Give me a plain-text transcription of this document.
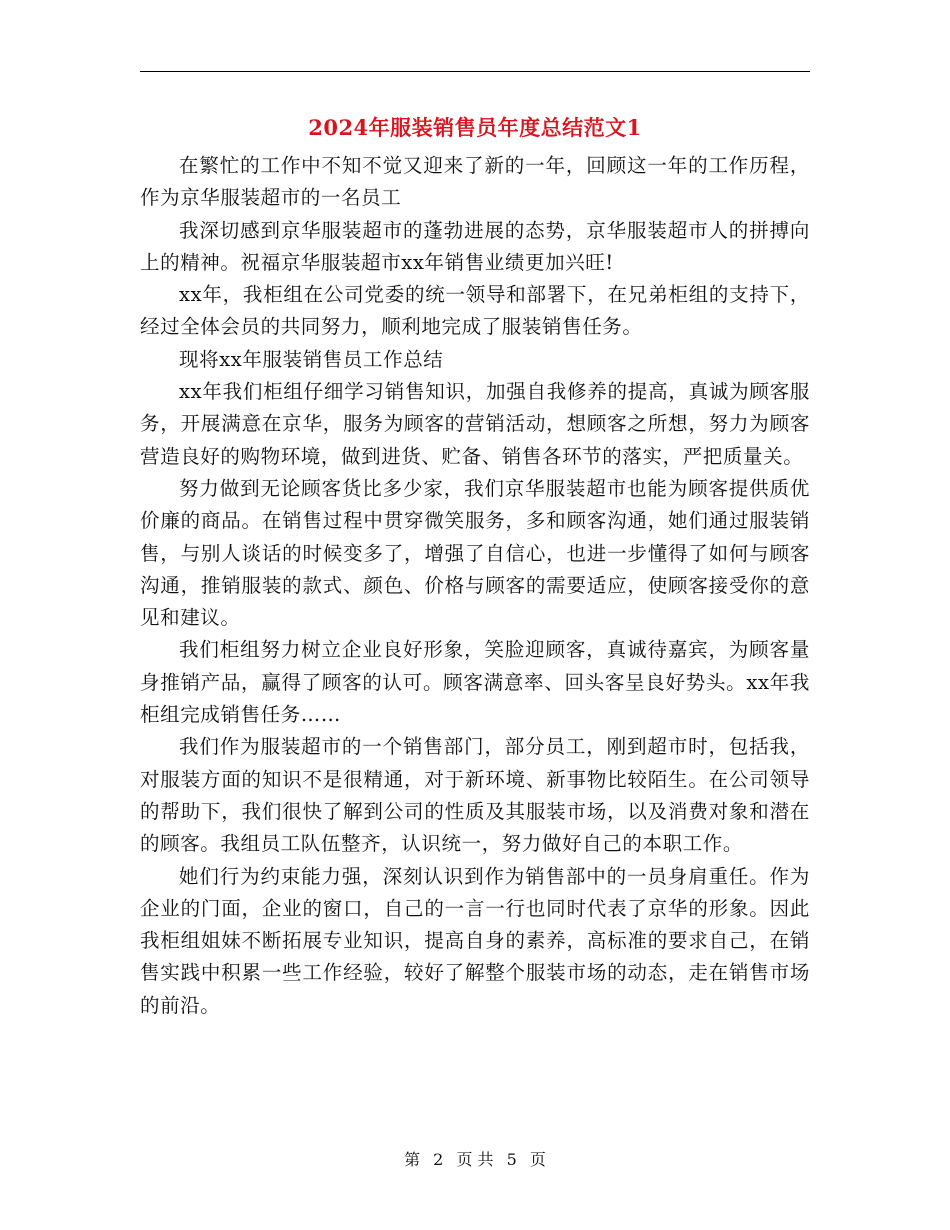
2024年服装销售员年度总结范文1

在繁忙的工作中不知不觉又迎来了新的一年，回顾这一年的工作历程，作为京华服装超市的一名员工

我深切感到京华服装超市的蓬勃进展的态势，京华服装超市人的拼搏向上的精神。祝福京华服装超市xx年销售业绩更加兴旺!

xx年，我柜组在公司党委的统一领导和部署下，在兄弟柜组的支持下，经过全体会员的共同努力，顺利地完成了服装销售任务。

现将xx年服装销售员工作总结

xx年我们柜组仔细学习销售知识，加强自我修养的提高，真诚为顾客服务，开展满意在京华，服务为顾客的营销活动，想顾客之所想，努力为顾客营造良好的购物环境，做到进货、贮备、销售各环节的落实，严把质量关。

努力做到无论顾客货比多少家，我们京华服装超市也能为顾客提供质优价廉的商品。在销售过程中贯穿微笑服务，多和顾客沟通，她们通过服装销售，与别人谈话的时候变多了，增强了自信心，也进一步懂得了如何与顾客沟通，推销服装的款式、颜色、价格与顾客的需要适应，使顾客接受你的意见和建议。

我们柜组努力树立企业良好形象，笑脸迎顾客，真诚待嘉宾，为顾客量身推销产品，赢得了顾客的认可。顾客满意率、回头客呈良好势头。xx年我柜组完成销售任务……

我们作为服装超市的一个销售部门，部分员工，刚到超市时，包括我，对服装方面的知识不是很精通，对于新环境、新事物比较陌生。在公司领导的帮助下，我们很快了解到公司的性质及其服装市场，以及消费对象和潜在的顾客。我组员工队伍整齐，认识统一，努力做好自己的本职工作。

她们行为约束能力强，深刻认识到作为销售部中的一员身肩重任。作为企业的门面，企业的窗口，自己的一言一行也同时代表了京华的形象。因此我柜组姐妹不断拓展专业知识，提高自身的素养，高标准的要求自己，在销售实践中积累一些工作经验，较好了解整个服装市场的动态，走在销售市场的前沿。

第 2 页 共 5 页
